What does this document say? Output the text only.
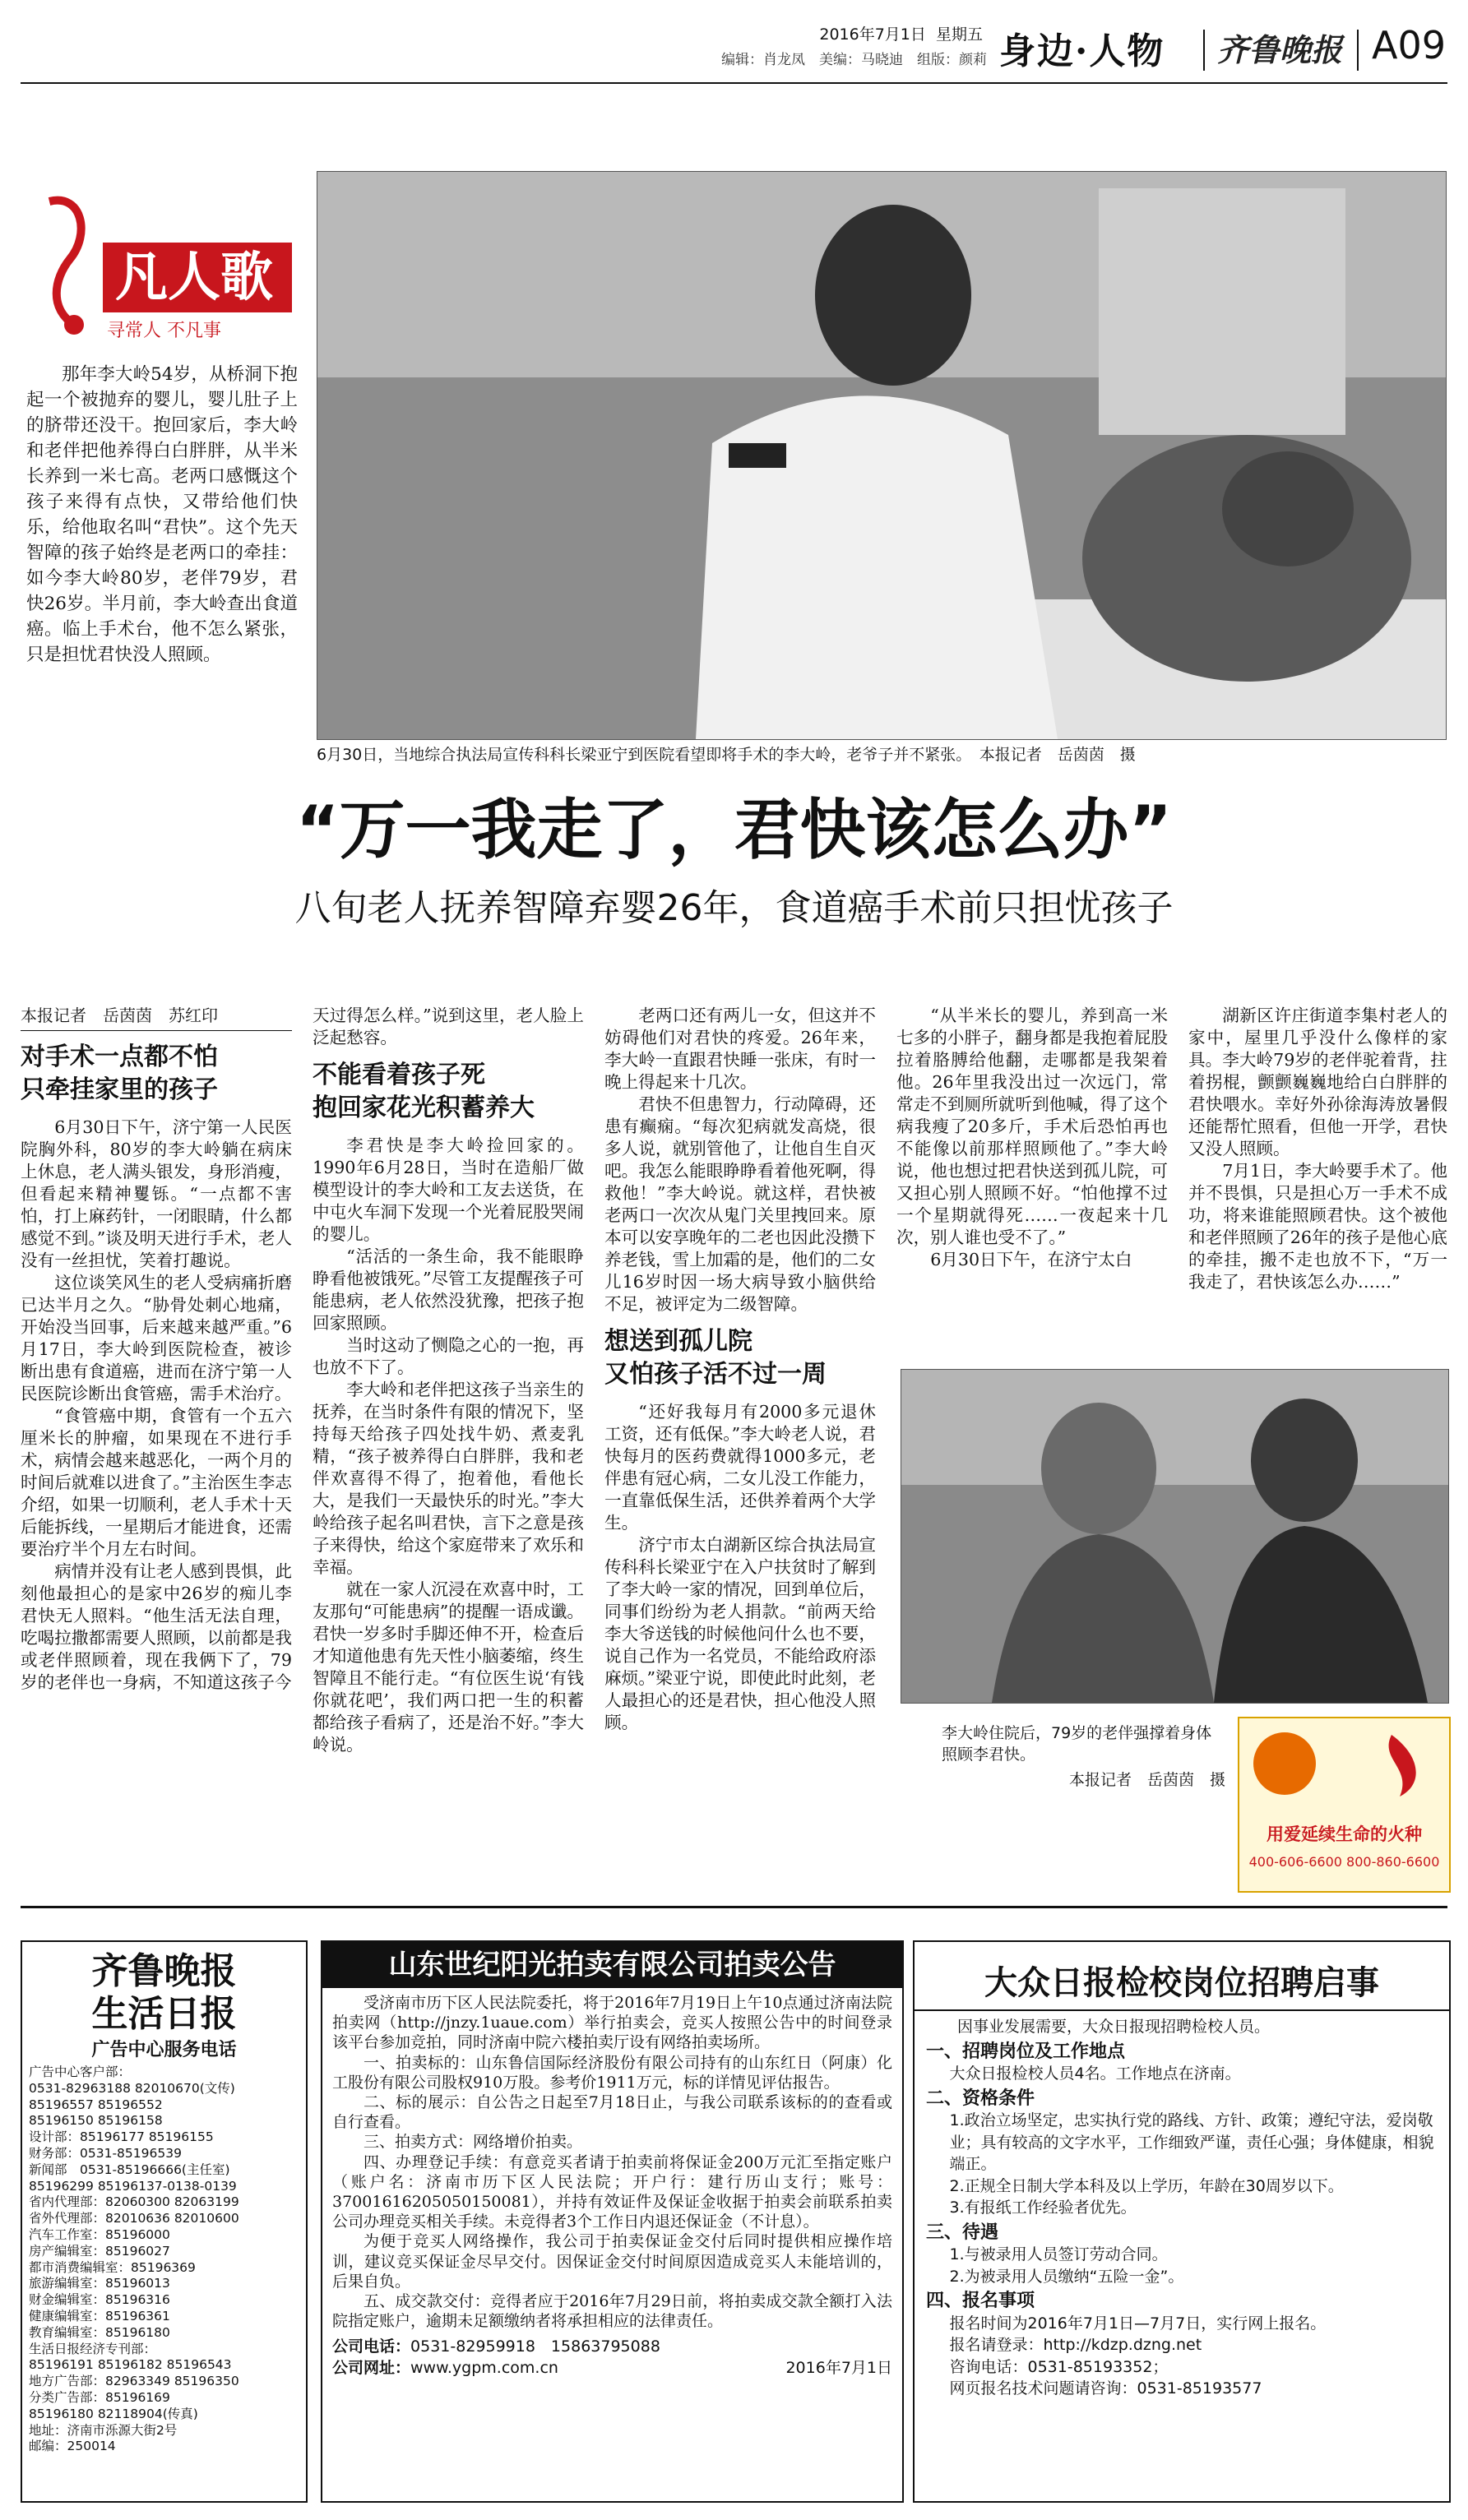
2016年7月1日 星期五
编辑：肖龙凤　美编：马晓迪　组版：颜莉 身边·人物 齐鲁晚报 A09
凡人歌
寻常人 不凡事
那年李大岭54岁，从桥洞下抱起一个被抛弃的婴儿，婴儿肚子上的脐带还没干。抱回家后，李大岭和老伴把他养得白白胖胖，从半米长养到一米七高。老两口感慨这个孩子来得有点快，又带给他们快乐，给他取名叫“君快”。这个先天智障的孩子始终是老两口的牵挂：如今李大岭80岁，老伴79岁，君快26岁。半月前，李大岭查出食道癌。临上手术台，他不怎么紧张，只是担忧君快没人照顾。
6月30日，当地综合执法局宣传科科长梁亚宁到医院看望即将手术的李大岭，老爷子并不紧张。　本报记者　岳茵茵　摄
“万一我走了，君快该怎么办”
八旬老人抚养智障弃婴26年，食道癌手术前只担忧孩子
本报记者　岳茵茵　苏红印
对手术一点都不怕
只牵挂家里的孩子

6月30日下午，济宁第一人民医院胸外科，80岁的李大岭躺在病床上休息，老人满头银发，身形消瘦，但看起来精神矍铄。“一点都不害怕，打上麻药针，一闭眼睛，什么都感觉不到。”谈及明天进行手术，老人没有一丝担忧，笑着打趣说。

这位谈笑风生的老人受病痛折磨已达半月之久。“胁骨处刺心地痛，开始没当回事，后来越来越严重。”6月17日，李大岭到医院检查，被诊断出患有食道癌，进而在济宁第一人民医院诊断出食管癌，需手术治疗。

“食管癌中期，食管有一个五六厘米长的肿瘤，如果现在不进行手术，病情会越来越恶化，一两个月的时间后就难以进食了。”主治医生李志介绍，如果一切顺利，老人手术十天后能拆线，一星期后才能进食，还需要治疗半个月左右时间。

病情并没有让老人感到畏惧，此刻他最担心的是家中26岁的痴儿李君快无人照料。“他生活无法自理，吃喝拉撒都需要人照顾，以前都是我或老伴照顾着，现在我俩下了，79岁的老伴也一身病，不知道这孩子今

天过得怎么样。”说到这里，老人脸上泛起愁容。
不能看着孩子死
抱回家花光积蓄养大

李君快是李大岭捡回家的。1990年6月28日，当时在造船厂做模型设计的李大岭和工友去送货，在中屯火车洞下发现一个光着屁股哭闹的婴儿。

“活活的一条生命，我不能眼睁睁看他被饿死。”尽管工友提醒孩子可能患病，老人依然没犹豫，把孩子抱回家照顾。

当时这动了恻隐之心的一抱，再也放不下了。

李大岭和老伴把这孩子当亲生的抚养，在当时条件有限的情况下，坚持每天给孩子四处找牛奶、煮麦乳精，“孩子被养得白白胖胖，我和老伴欢喜得不得了，抱着他，看他长大，是我们一天最快乐的时光。”李大岭给孩子起名叫君快，言下之意是孩子来得快，给这个家庭带来了欢乐和幸福。

就在一家人沉浸在欢喜中时，工友那句“可能患病”的提醒一语成谶。君快一岁多时手脚还伸不开，检查后才知道他患有先天性小脑萎缩，终生智障且不能行走。“有位医生说‘有钱你就花吧’，我们两口把一生的积蓄都给孩子看病了，还是治不好。”李大岭说。

老两口还有两儿一女，但这并不妨碍他们对君快的疼爱。26年来，李大岭一直跟君快睡一张床，有时一晚上得起来十几次。

君快不但患智力，行动障碍，还患有癫痫。“每次犯病就发高烧，很多人说，就别管他了，让他自生自灭吧。我怎么能眼睁睁看着他死啊，得救他！”李大岭说。就这样，君快被老两口一次次从鬼门关里拽回来。原本可以安享晚年的二老也因此没攒下养老钱，雪上加霜的是，他们的二女儿16岁时因一场大病导致小脑供给不足，被评定为二级智障。

想送到孤儿院
又怕孩子活不过一周

“还好我每月有2000多元退休工资，还有低保。”李大岭老人说，君快每月的医药费就得1000多元，老伴患有冠心病，二女儿没工作能力，一直靠低保生活，还供养着两个大学生。

济宁市太白湖新区综合执法局宣传科科长梁亚宁在入户扶贫时了解到了李大岭一家的情况，回到单位后，同事们纷纷为老人捐款。“前两天给李大爷送钱的时候他问什么也不要，说自己作为一名党员，不能给政府添麻烦。”梁亚宁说，即使此时此刻，老人最担心的还是君快，担心他没人照顾。

“从半米长的婴儿，养到高一米七多的小胖子，翻身都是我抱着屁股拉着胳膊给他翻，走哪都是我架着他。26年里我没出过一次远门，常常走不到厕所就听到他喊，得了这个病我瘦了20多斤，手术后恐怕再也不能像以前那样照顾他了。”李大岭说，他也想过把君快送到孤儿院，可又担心别人照顾不好。“怕他撑不过一个星期就得死……一夜起来十几次，别人谁也受不了。”

6月30日下午，在济宁太白

湖新区许庄街道李集村老人的家中，屋里几乎没什么像样的家具。李大岭79岁的老伴驼着背，拄着拐棍，颤颤巍巍地给白白胖胖的君快喂水。幸好外孙徐海涛放暑假还能帮忙照看，但他一开学，君快又没人照顾。

7月1日，李大岭要手术了。他并不畏惧，只是担心万一手术不成功，将来谁能照顾君快。这个被他和老伴照顾了26年的孩子是他心底的牵挂，搬不走也放不下，“万一我走了，君快该怎么办……”

李大岭住院后，79岁的老伴强撑着身体照顾李君快。
本报记者　岳茵茵　摄
用爱延续生命的火种
400-606-6600 800-860-6600
齐鲁晚报
生活日报
广告中心服务电话
广告中心客户部：
0531-82963188 82010670(文传)
85196557 85196552
85196150 85196158
设计部：85196177 85196155
财务部：0531-85196539
新闻部　0531-85196666(主任室)
85196299 85196137-0138-0139
省内代理部：82060300 82063199
省外代理部：82010636 82010600
汽车工作室：85196000
房产编辑室：85196027
都市消费编辑室：85196369
旅游编辑室：85196013
财金编辑室：85196316
健康编辑室：85196361
教育编辑室：85196180
生活日报经济专刊部：
85196191 85196182 85196543
地方广告部：82963349 85196350
分类广告部：85196169
85196180 82118904(传真)
地址：济南市泺源大街2号
邮编：250014
山东世纪阳光拍卖有限公司拍卖公告
受济南市历下区人民法院委托，将于2016年7月19日上午10点通过济南法院拍卖网（http://jnzy.1uaue.com）举行拍卖会，竞买人按照公告中的时间登录该平台参加竞拍，同时济南中院六楼拍卖厅设有网络拍卖场所。
一、拍卖标的：山东鲁信国际经济股份有限公司持有的山东红日（阿康）化工股份有限公司股权910万股。参考价1911万元，标的详情见评估报告。
二、标的展示：自公告之日起至7月18日止，与我公司联系该标的的查看或自行查看。
三、拍卖方式：网络增价拍卖。
四、办理登记手续：有意竞买者请于拍卖前将保证金200万元汇至指定账户（账户名：济南市历下区人民法院；开户行：建行历山支行；账号：37001616205050150081），并持有效证件及保证金收据于拍卖会前联系拍卖公司办理竞买相关手续。未竞得者3个工作日内退还保证金（不计息）。
为便于竞买人网络操作，我公司于拍卖保证金交付后同时提供相应操作培训，建议竞买保证金尽早交付。因保证金交付时间原因造成竞买人未能培训的，后果自负。
五、成交款交付：竞得者应于2016年7月29日前，将拍卖成交款全额打入法院指定账户，逾期未足额缴纳者将承担相应的法律责任。
公司电话：0531-82959918　15863795088
公司网址：www.ygpm.com.cn	2016年7月1日
大众日报检校岗位招聘启事
因事业发展需要，大众日报现招聘检校人员。
一、招聘岗位及工作地点
大众日报检校人员4名。工作地点在济南。
二、资格条件
1.政治立场坚定，忠实执行党的路线、方针、政策；遵纪守法，爱岗敬业；具有较高的文字水平，工作细致严谨，责任心强；身体健康，相貌端正。
2.正规全日制大学本科及以上学历，年龄在30周岁以下。
3.有报纸工作经验者优先。
三、待遇
1.与被录用人员签订劳动合同。
2.为被录用人员缴纳“五险一金”。
四、报名事项
报名时间为2016年7月1日—7月7日，实行网上报名。
报名请登录：http://kdzp.dzng.net
咨询电话：0531-85193352；
网页报名技术问题请咨询：0531-85193577
